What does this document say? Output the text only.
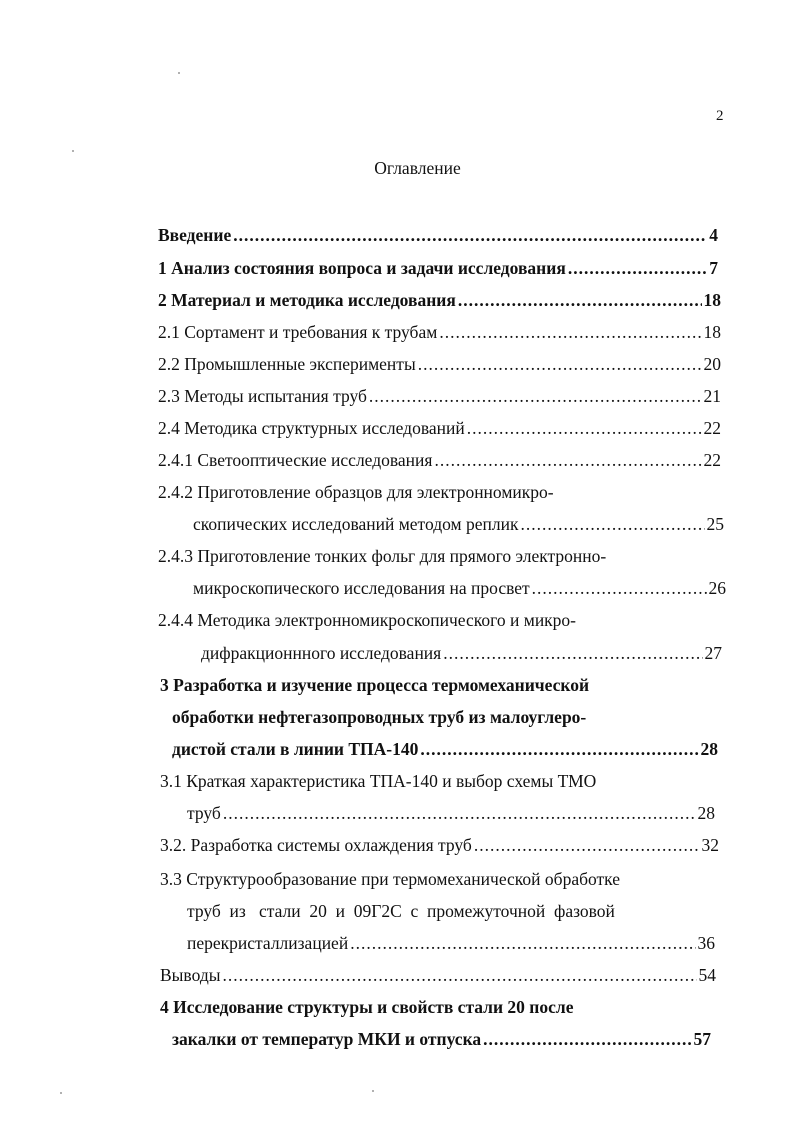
2
Оглавление
Введение .....	4
1 Анализ состояния вопроса и задачи исследования .....	7
2 Материал и методика исследования .....	18
2.1 Сортамент и требования к трубам .....	18
2.2 Промышленные эксперименты .....	20
2.3 Методы испытания труб .....	21
2.4 Методика структурных исследований .....	22
2.4.1 Светооптические исследования .....	22
2.4.2 Приготовление образцов для электронномикро-
скопических исследований методом реплик .....	25
2.4.3 Приготовление тонких фольг для прямого электронно-
микроскопического исследования на просвет .....	26
2.4.4 Методика электронномикроскопического и микро-
дифракционнного исследования .....	27
3 Разработка и изучение процесса термомеханической
обработки нефтегазопроводных труб из малоуглеро-
дистой стали в линии ТПА-140 .....	28
3.1 Краткая характеристика ТПА-140 и выбор схемы ТМО
труб .....	28
3.2. Разработка системы охлаждения труб .....	32
3.3 Структурообразование при термомеханической обработке
труб  из   стали  20  и  09Г2С  с  промежуточной  фазовой
перекристаллизацией .....	36
Выводы .....	54
4 Исследование структуры и свойств стали 20 после
закалки от температур МКИ и отпуска .....	57
